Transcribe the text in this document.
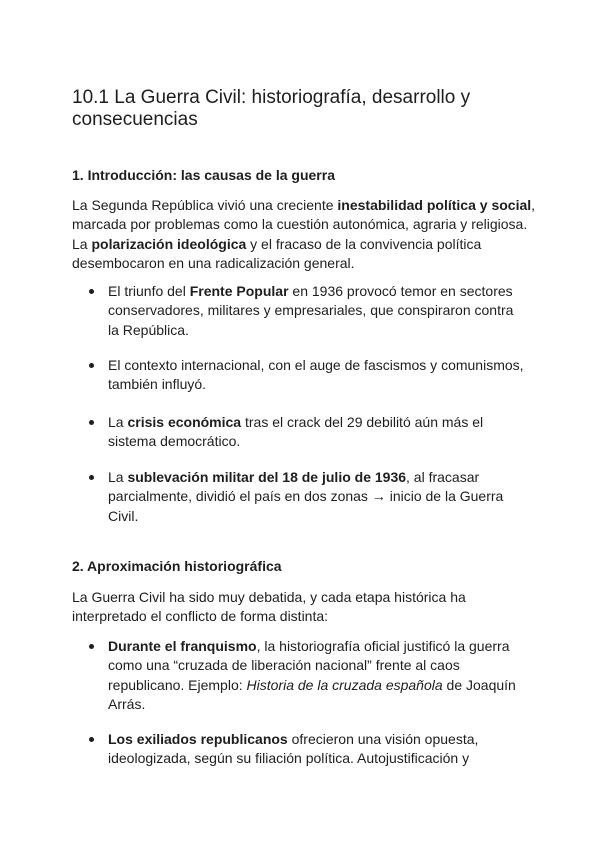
10.1 La Guerra Civil: historiografía, desarrollo y consecuencias
1. Introducción: las causas de la guerra

La Segunda República vivió una creciente inestabilidad política y social, marcada por problemas como la cuestión autonómica, agraria y religiosa. La polarización ideológica y el fracaso de la convivencia política desembocaron en una radicalización general.

El triunfo del Frente Popular en 1936 provocó temor en sectores conservadores, militares y empresariales, que conspiraron contra la República.

El contexto internacional, con el auge de fascismos y comunismos, también influyó.

La crisis económica tras el crack del 29 debilitó aún más el sistema democrático.

La sublevación militar del 18 de julio de 1936, al fracasar parcialmente, dividió el país en dos zonas → inicio de la Guerra Civil.

2. Aproximación historiográfica

La Guerra Civil ha sido muy debatida, y cada etapa histórica ha interpretado el conflicto de forma distinta:

Durante el franquismo, la historiografía oficial justificó la guerra como una “cruzada de liberación nacional” frente al caos republicano. Ejemplo: Historia de la cruzada española de Joaquín Arrás.

Los exiliados republicanos ofrecieron una visión opuesta, ideologizada, según su filiación política. Autojustificación y
